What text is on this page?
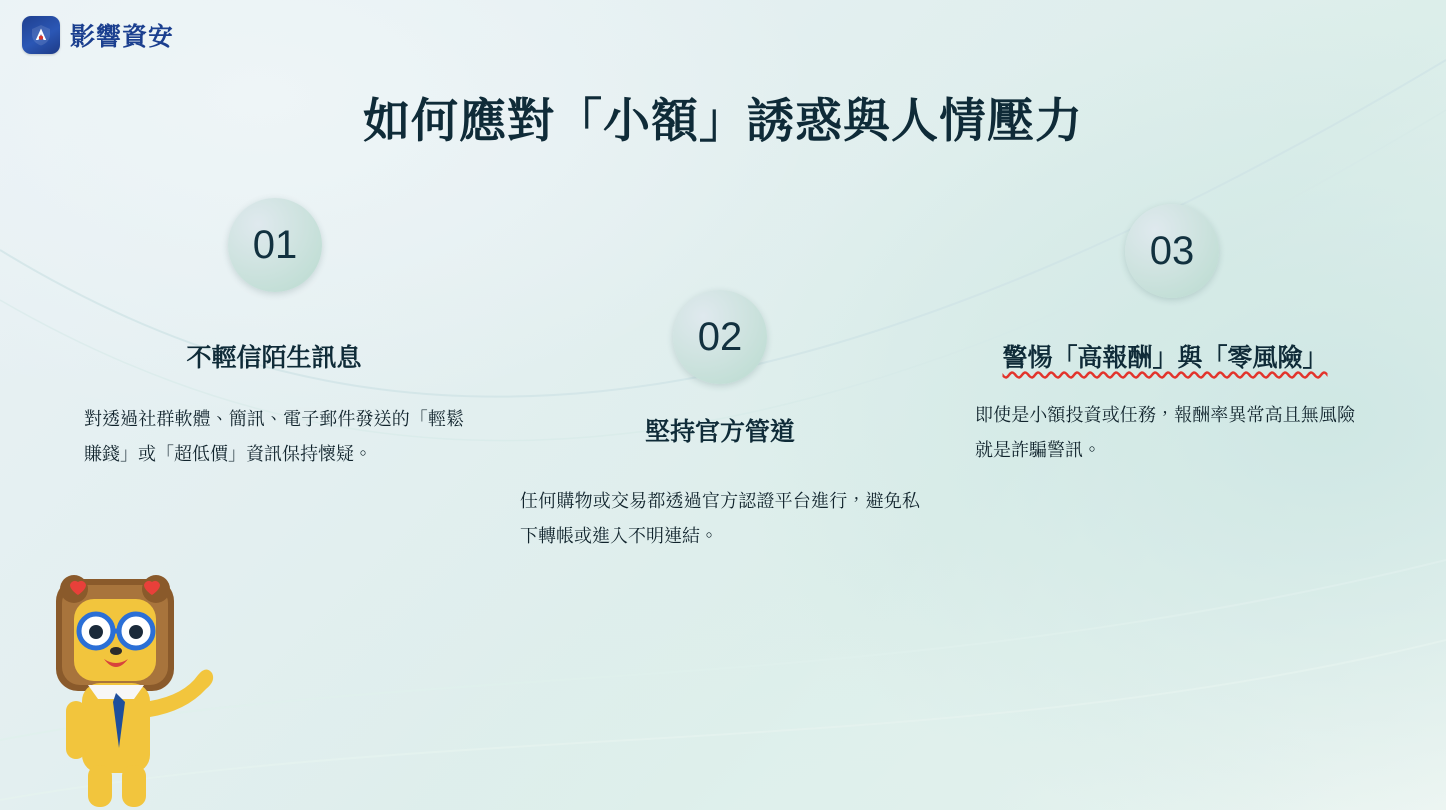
影響資安
如何應對「小額」誘惑與人情壓力
01
不輕信陌生訊息
對透過社群軟體、簡訊、電子郵件發送的「輕鬆賺錢」或「超低價」資訊保持懷疑。
02
堅持官方管道
任何購物或交易都透過官方認證平台進行，避免私下轉帳或進入不明連結。
03
警惕「高報酬」與「零風險」
即使是小額投資或任務，報酬率異常高且無風險就是詐騙警訊。
